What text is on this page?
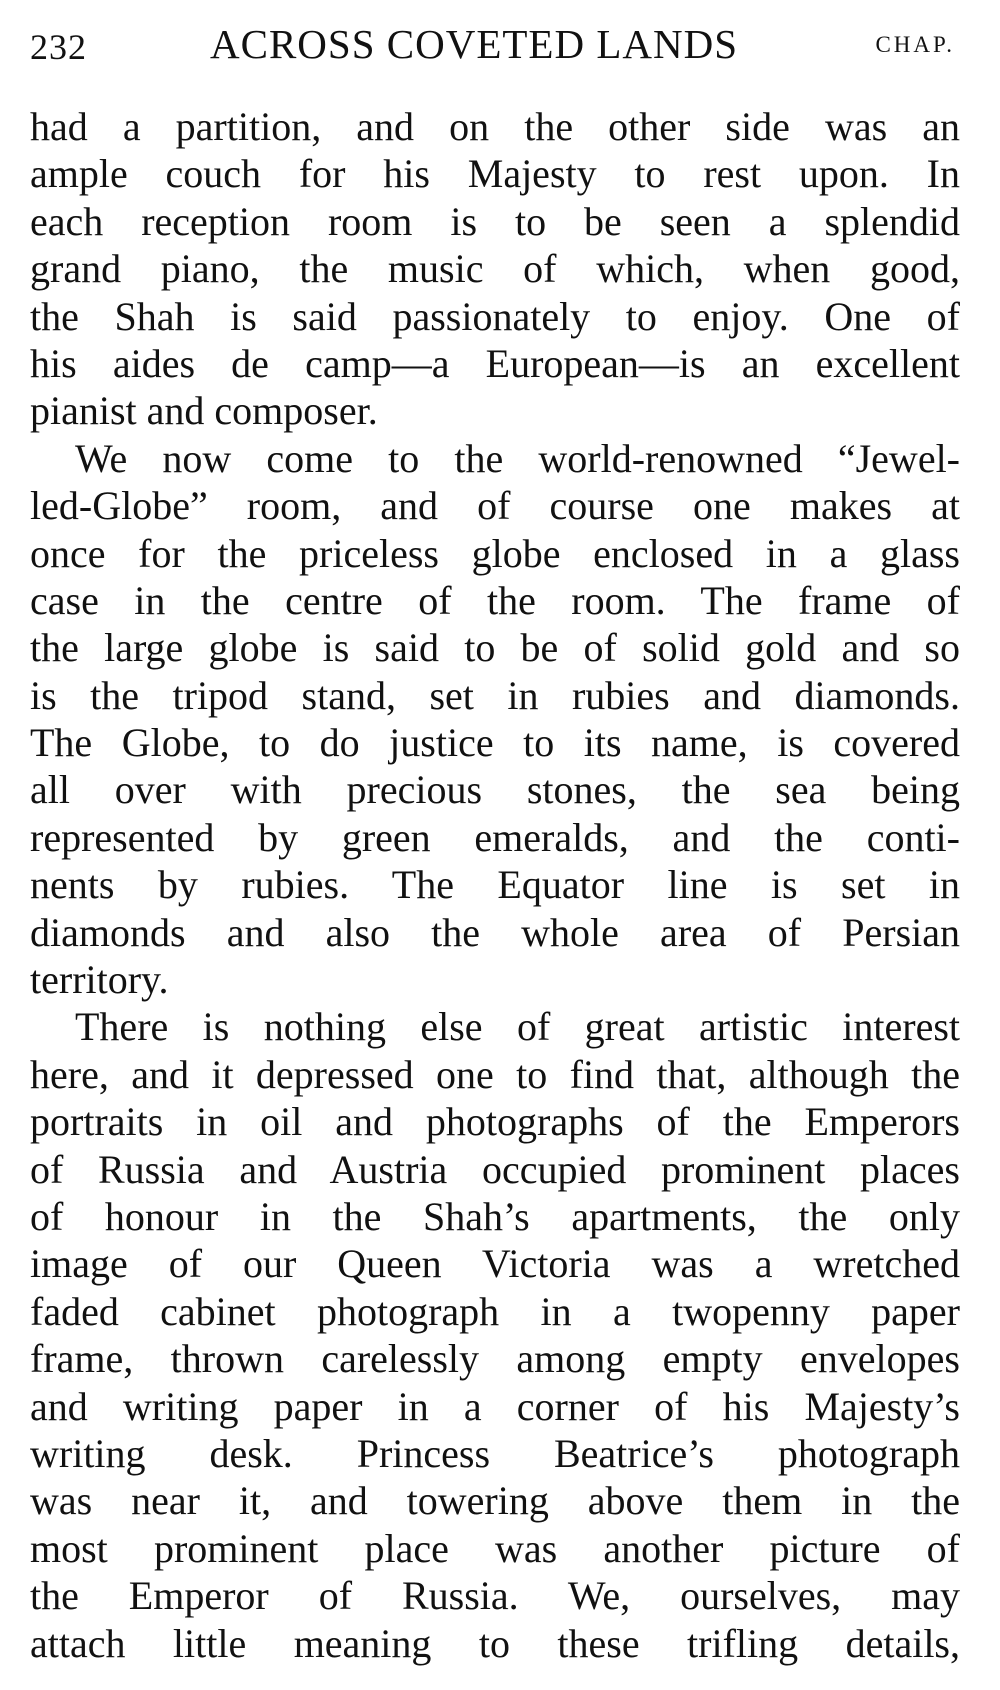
232	ACROSS COVETED LANDS	CHAP.
had a partition, and on the other side was an
ample couch for his Majesty to rest upon. In
each reception room is to be seen a splendid
grand piano, the music of which, when good,
the Shah is said passionately to enjoy. One of
his aides de camp—a European—is an excellent
pianist and composer.
We now come to the world-renowned “Jewel-
led-Globe” room, and of course one makes at
once for the priceless globe enclosed in a glass
case in the centre of the room. The frame of
the large globe is said to be of solid gold and so
is the tripod stand, set in rubies and diamonds.
The Globe, to do justice to its name, is covered
all over with precious stones, the sea being
represented by green emeralds, and the conti-
nents by rubies. The Equator line is set in
diamonds and also the whole area of Persian
territory.
There is nothing else of great artistic interest
here, and it depressed one to find that, although the
portraits in oil and photographs of the Emperors
of Russia and Austria occupied prominent places
of honour in the Shah’s apartments, the only
image of our Queen Victoria was a wretched
faded cabinet photograph in a twopenny paper
frame, thrown carelessly among empty envelopes
and writing paper in a corner of his Majesty’s
writing desk. Princess Beatrice’s photograph
was near it, and towering above them in the
most prominent place was another picture of
the Emperor of Russia. We, ourselves, may
attach little meaning to these trifling details,
